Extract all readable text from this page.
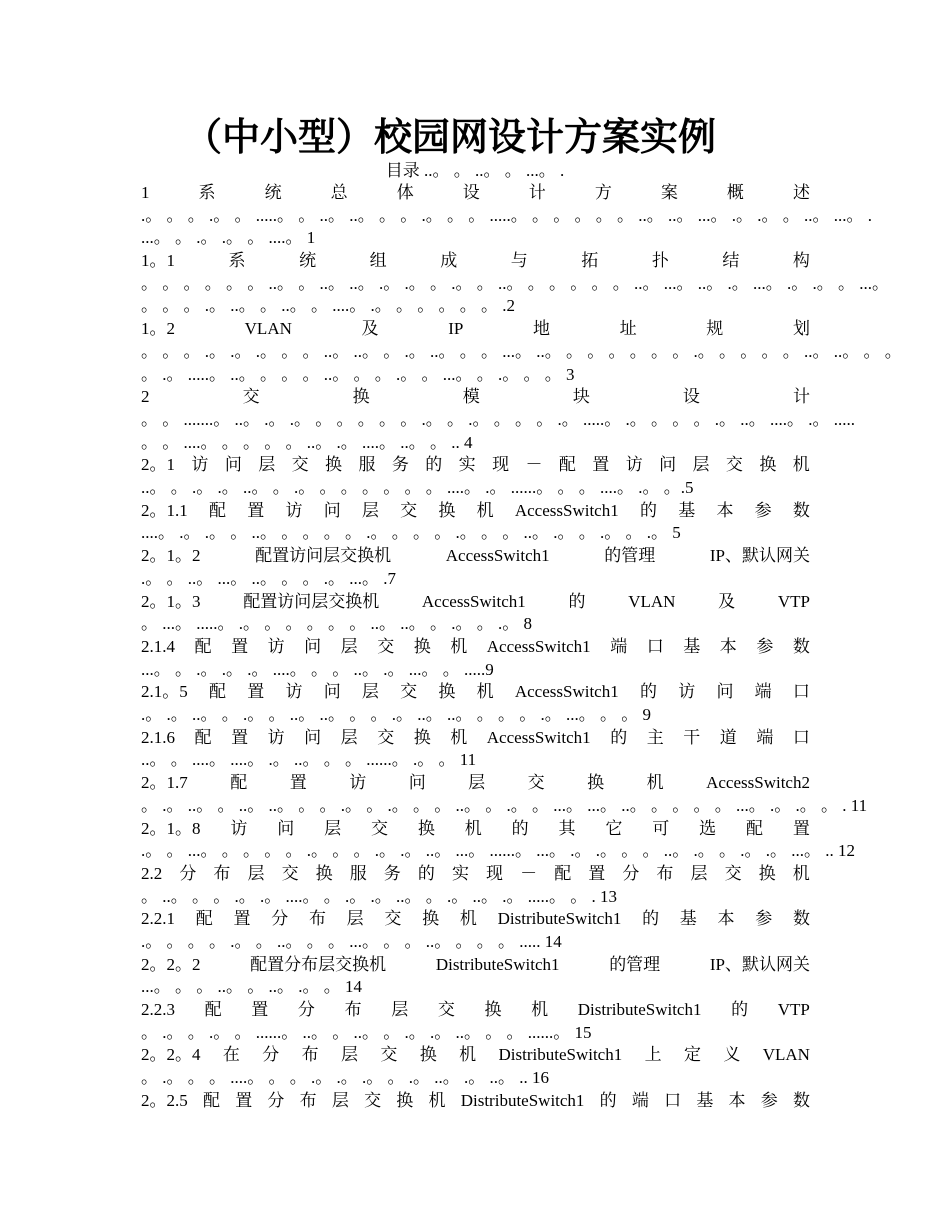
（中小型）校园网设计方案实例
目录 ..。 。 ..。 。 ...。 .
1	系	统	总	体	设	计	方	案	概	述
.。 。 。 .。 。 .....。 。 ..。 ..。 。 。 .。 。 。 .....。 。 。 。 。 。 ..。 ..。 ...。 .。 .。 。 ..。 ...。 .
...。 。 .。 .。 。 ....。 1
1。1	系	统	组	成	与	拓	扑	结	构
。 。 。 。 。 。 ..。 。 ..。 ..。 .。 .。 。 .。 。 ..。 。 。 。 。 。 ..。 ...。 ..。 .。 ...。 .。 .。 。 ...。
。 。 。 .。 ..。 。 ..。 。 ....。 .。 。 。 。 。 。 .2
1。2	VLAN	及	IP	地	址	规	划
。 。 。 .。 .。 .。 。 。 ..。 ..。 。 .。 ..。 。 。 ...。 ..。 。 。 。 。 。 。 .。 。 。 。 。 ..。 ..。 。 。
。 .。 .....。 ..。 。 。 。 ..。 。 。 .。 。 ...。 。 .。 。 。 3
2	交	换	模	块	设	计
。 。 .......。 ..。 .。 .。 。 。 。 。 。 .。 。 .。 。 。 。 .。 .....。 .。 。 。 。 .。 ..。 ....。 .。 .....
。 。 ....。 。 。 。 。 ..。 .。 ....。 ..。 。 .. 4
2。1 访 问 层 交 换 服 务 的 实 现 － 配 置 访 问 层 交 换 机
..。 。 .。 .。 ..。 。 .。 。 。 。 。 。 。 ....。 .。 ......。 。 。 ....。 .。 。.5
2。1.1 配 置 访 问 层 交 换 机 AccessSwitch1 的 基 本 参 数
....。 .。 .。 。 ..。 。 。 。 。 .。 。 。 。 .。 。 。 ..。 .。 。 .。 。 .。 5
2。1。2	配置访问层交换机	AccessSwitch1	的管理	IP、默认网关
.。 。 ..。 ...。 ..。 。 。 .。 ...。 .7
2。1。3	配置访问层交换机	AccessSwitch1	的	VLAN	及	VTP
。 ...。 .....。 .。 。 。 。 。 。 ..。 ..。 。 .。 。 .。 8
2.1.4 配 置 访 问 层 交 换 机 AccessSwitch1 端 口 基 本 参 数
...。 。 .。 .。 .。 ....。 。 。 ..。 .。 ...。 。 .....9
2.1。5 配 置 访 问 层 交 换 机 AccessSwitch1 的 访 问 端 口
.。 .。 ..。 。 .。 。 ..。 ..。 。 。 .。 ..。 ..。 。 。 。 .。 ...。 。 。 9
2.1.6 配 置 访 问 层 交 换 机 AccessSwitch1 的 主 干 道 端 口
..。 。 ....。 ....。 .。 ..。 。 。 ......。 .。 。 11
2。1.7 配 置 访 问 层 交 换 机 AccessSwitch2
。 .。 ..。 。 ..。 ..。 。 。 .。 。 .。 。 。 ..。 。 .。 。 ...。 ...。 ..。 。 。 。 。 ...。 .。 .。 。 . 11
2。1。8 访 问 层 交 换 机 的 其 它 可 选 配 置
.。 。 ...。 。 。 。 。 .。 。 。 .。 .。 ..。 ...。 ......。 ...。 .。 .。 。 。 ..。 .。 。 .。 .。 ...。 .. 12
2.2 分 布 层 交 换 服 务 的 实 现 － 配 置 分 布 层 交 换 机
。 ..。 。 。 .。 .。 ....。 。 .。 .。 ..。 。 .。 ..。 .。 .....。 。 . 13
2.2.1 配 置 分 布 层 交 换 机 DistributeSwitch1 的 基 本 参 数
.。 。 。 。 .。 。 ..。 。 。 ...。 。 。 ..。 。 。 。 ..... 14
2。2。2	配置分布层交换机	DistributeSwitch1	的管理	IP、默认网关
...。 。 。 ..。 。 ..。 .。 。 14
2.2.3 配 置 分 布 层 交 换 机 DistributeSwitch1 的 VTP
。 .。 。 .。 。 ......。 ..。 。 ..。 。 .。 .。 ..。 。 。 ......。 15
2。2。4 在 分 布 层 交 换 机 DistributeSwitch1 上 定 义 VLAN
。 .。 。 。 ....。 。 。 .。 .。 .。 。 .。 ..。 .。 ..。 .. 16
2。2.5 配 置 分 布 层 交 换 机 DistributeSwitch1 的 端 口 基 本 参 数
